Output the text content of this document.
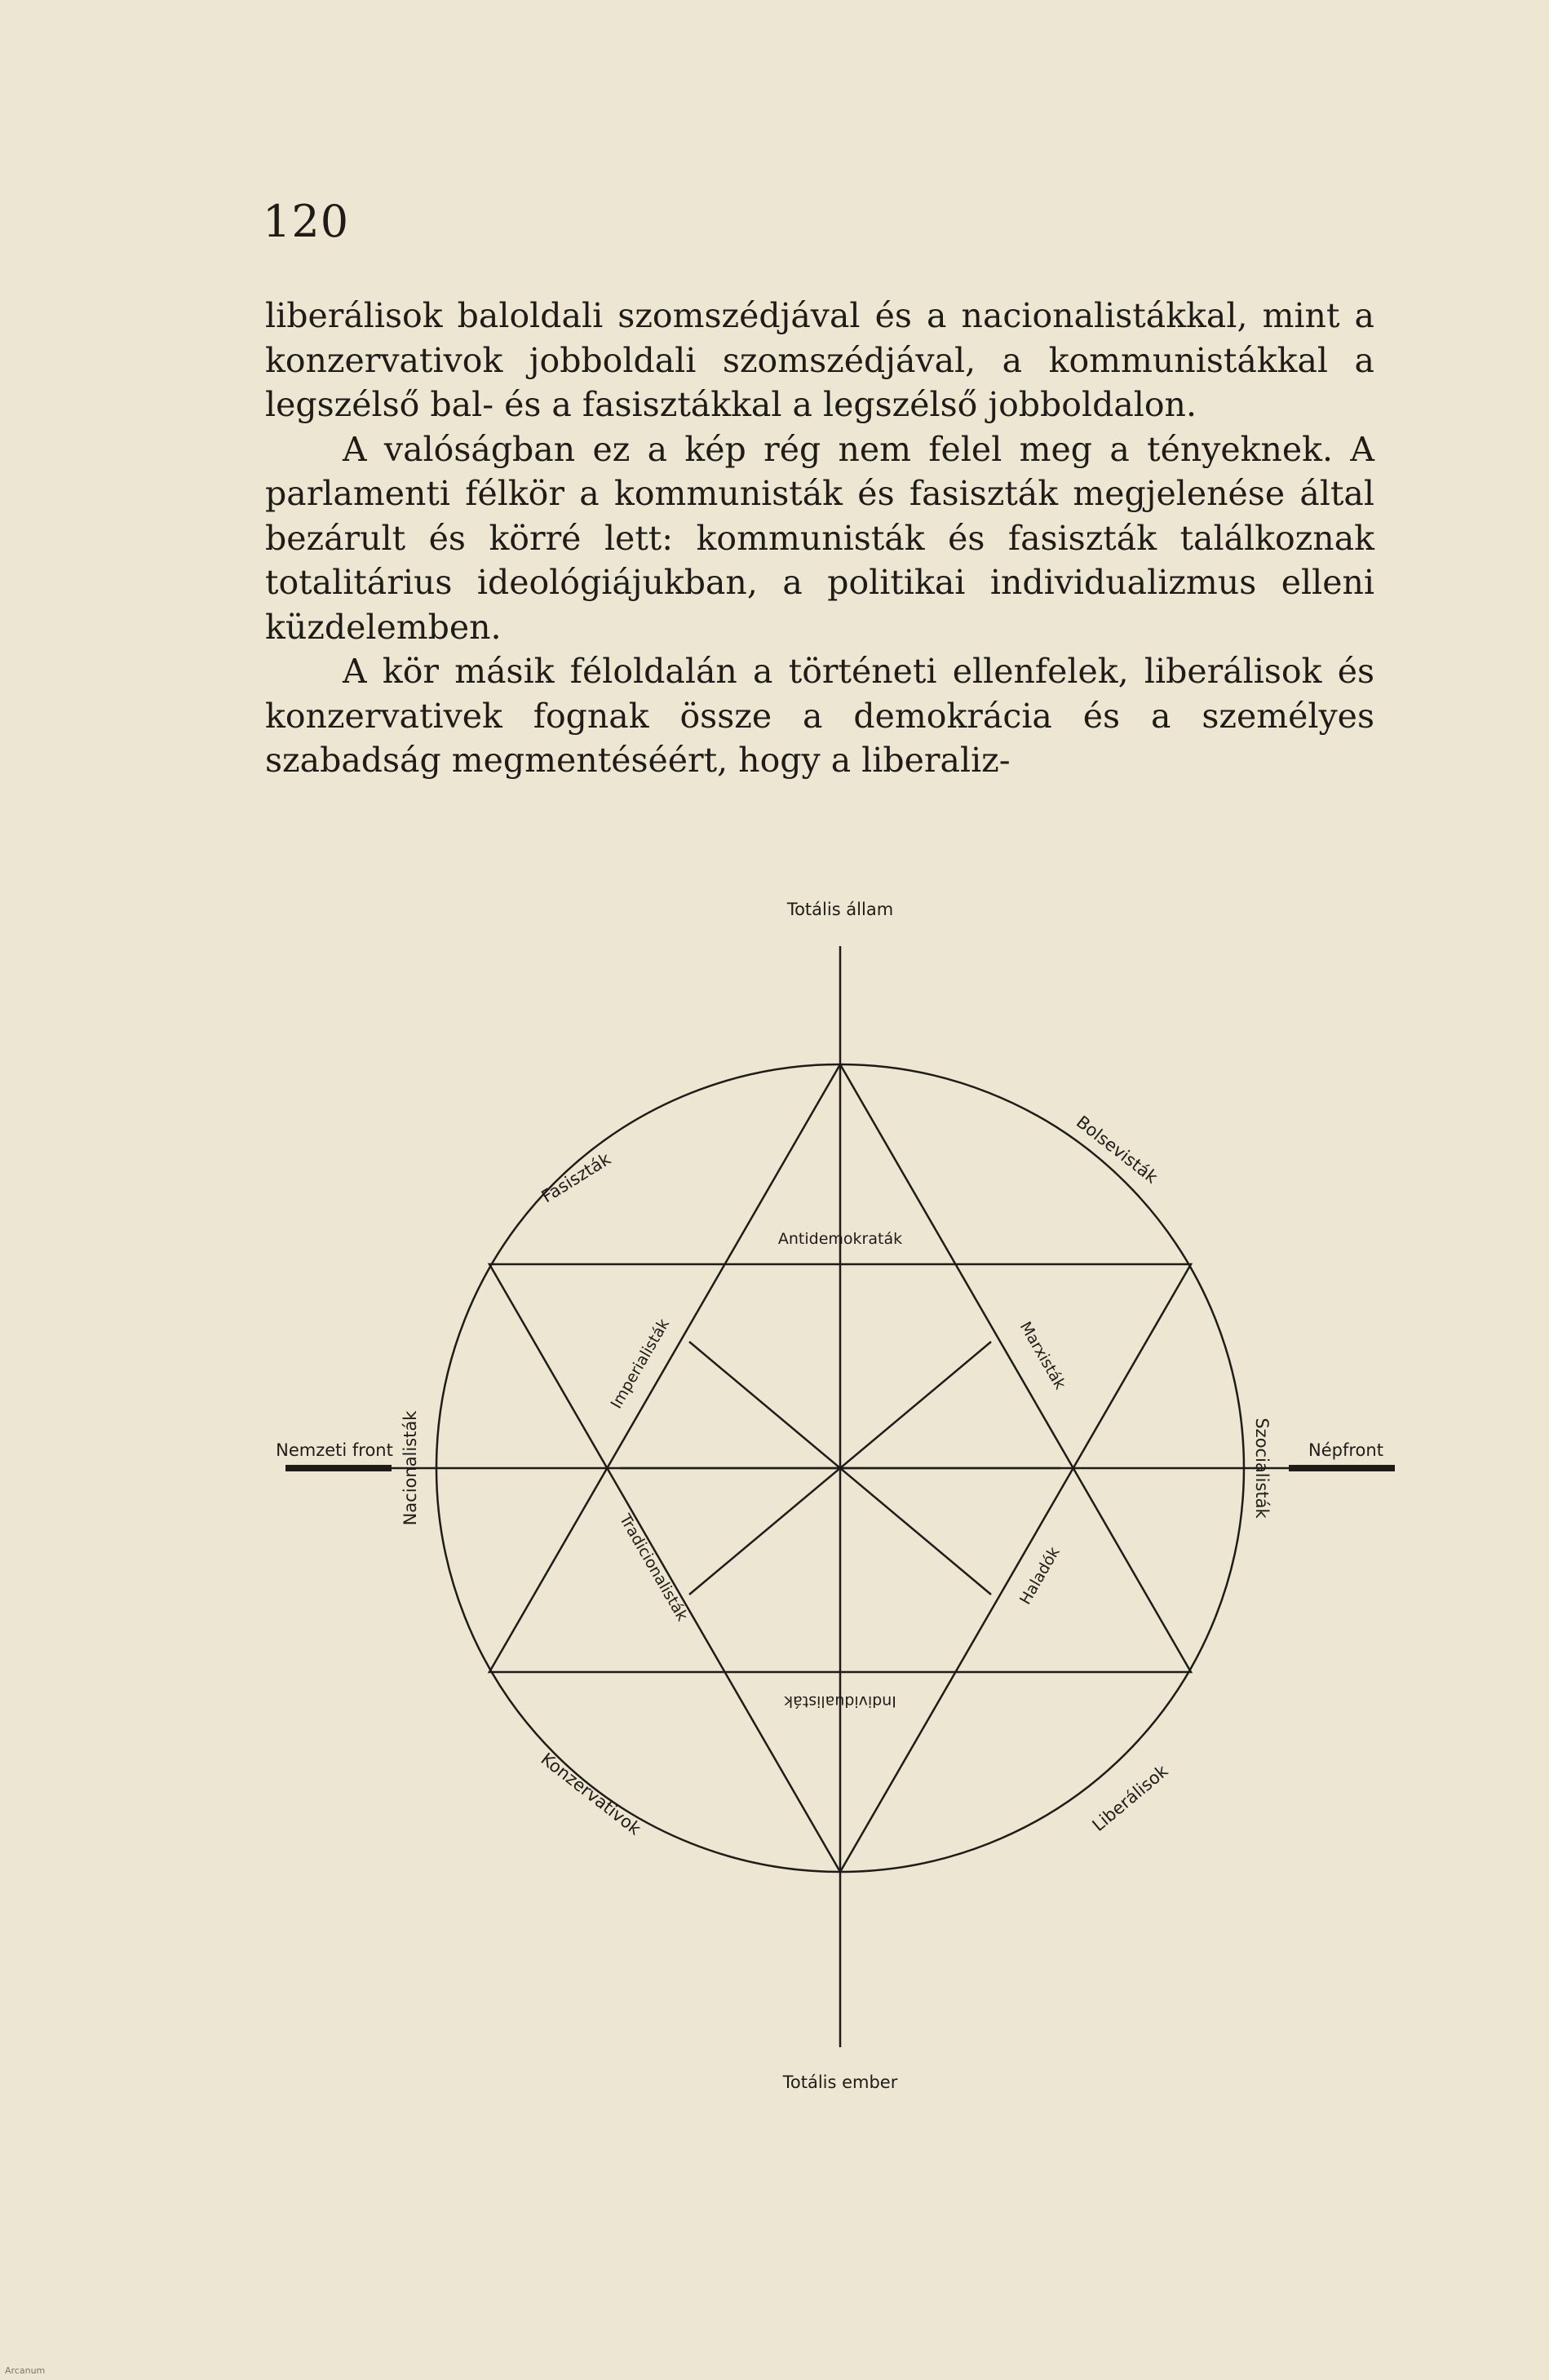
120

liberálisok baloldali szomszédjával és a nacionalistákkal, mint a konzervativok jobboldali szomszédjával, a kommunistákkal a legszélső bal- és a fasisztákkal a legszélső jobboldalon.

A valóságban ez a kép rég nem felel meg a tényeknek. A parlamenti félkör a kommunisták és fasiszták megjelenése által bezárult és körré lett: kommunisták és fasiszták találkoznak totalitárius ideológiájukban, a politikai individualizmus elleni küzdelemben.

A kör másik féloldalán a történeti ellenfelek, liberálisok és konzervativek fognak össze a demokrácia és a személyes szabadság megmentéséért, hogy a liberaliz-

Totális állam
Totális ember
Nemzeti front	Népfront
Fasiszták	Bolsevisták
Konzervativok	Liberálisok
Nacionalisták	Szocialisták
Antidemokraták
Individualisták
Imperialisták	Marxisták
Tradicionalisták	Haladók
Arcanum
